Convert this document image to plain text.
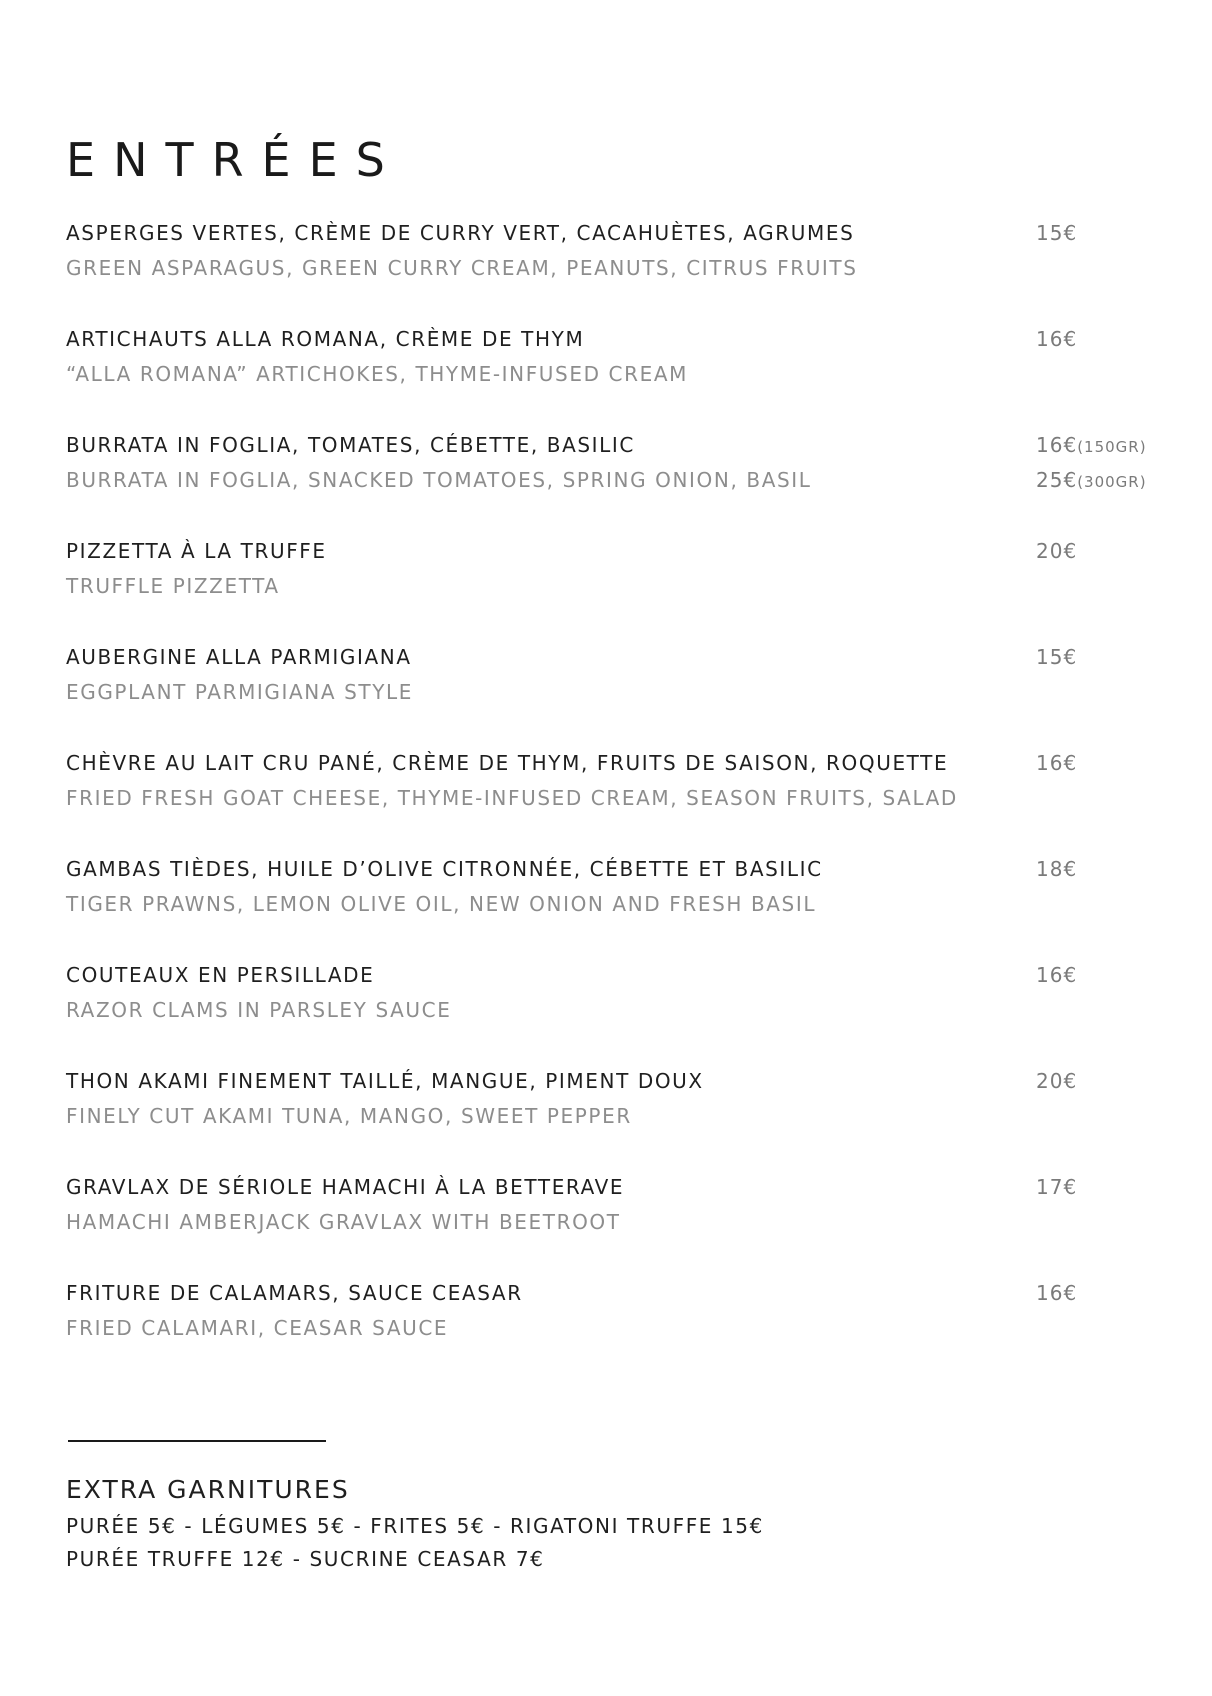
ENTRÉES
ASPERGES VERTES, CRÈME DE CURRY VERT, CACAHUÈTES, AGRUMES
GREEN ASPARAGUS, GREEN CURRY CREAM, PEANUTS, CITRUS FRUITS
15€
ARTICHAUTS ALLA ROMANA, CRÈME DE THYM
“ALLA ROMANA” ARTICHOKES, THYME-INFUSED CREAM
16€
BURRATA IN FOGLIA, TOMATES, CÉBETTE, BASILIC
BURRATA IN FOGLIA, SNACKED TOMATOES, SPRING ONION, BASIL
16€(150GR)
25€(300GR)
PIZZETTA À LA TRUFFE
TRUFFLE PIZZETTA
20€
AUBERGINE ALLA PARMIGIANA
EGGPLANT PARMIGIANA STYLE
15€
CHÈVRE AU LAIT CRU PANÉ, CRÈME DE THYM, FRUITS DE SAISON, ROQUETTE
FRIED FRESH GOAT CHEESE, THYME-INFUSED CREAM, SEASON FRUITS, SALAD
16€
GAMBAS TIÈDES, HUILE D’OLIVE CITRONNÉE, CÉBETTE ET BASILIC
TIGER PRAWNS, LEMON OLIVE OIL, NEW ONION AND FRESH BASIL
18€
COUTEAUX EN PERSILLADE
RAZOR CLAMS IN PARSLEY SAUCE
16€
THON AKAMI FINEMENT TAILLÉ, MANGUE, PIMENT DOUX
FINELY CUT AKAMI TUNA, MANGO, SWEET PEPPER
20€
GRAVLAX DE SÉRIOLE HAMACHI À LA BETTERAVE
HAMACHI AMBERJACK GRAVLAX WITH BEETROOT
17€
FRITURE DE CALAMARS, SAUCE CEASAR
FRIED CALAMARI, CEASAR SAUCE
16€
EXTRA GARNITURES
PURÉE 5€ - LÉGUMES 5€ - FRITES 5€ - RIGATONI TRUFFE 15€
PURÉE TRUFFE 12€ - SUCRINE CEASAR 7€
